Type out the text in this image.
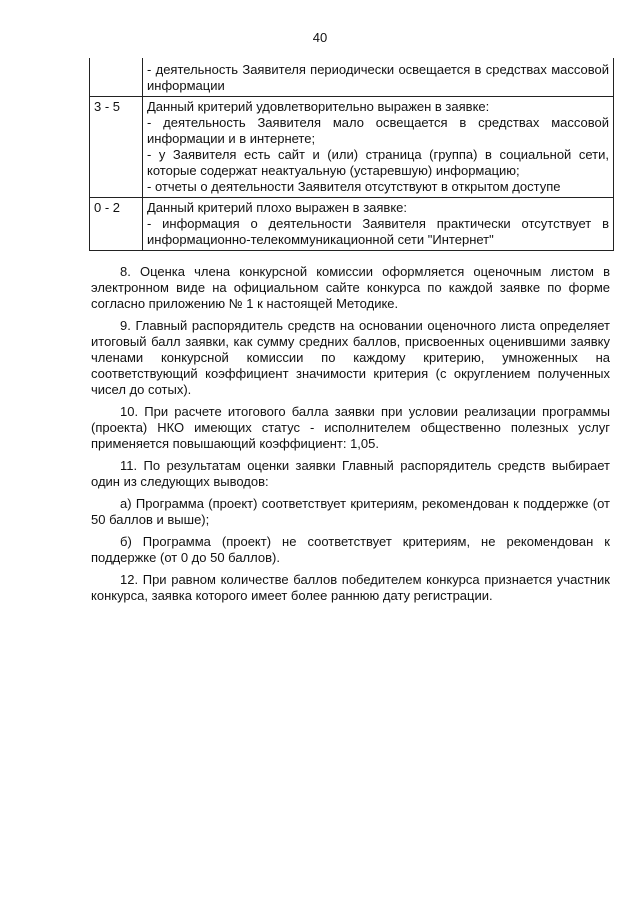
40

	- деятельность Заявителя периодически освещается в средствах массовой информации

3 - 5	Данный критерий удовлетворительно выражен в заявке:
- деятельность Заявителя мало освещается в средствах массовой информации и в интернете;
- у Заявителя есть сайт и (или) страница (группа) в социальной сети, которые содержат неактуальную (устаревшую) информацию;
- отчеты о деятельности Заявителя отсутствуют в открытом доступе

0 - 2	Данный критерий плохо выражен в заявке:
- информация о деятельности Заявителя практически отсутствует в информационно-телекоммуникационной сети "Интернет"

8. Оценка члена конкурсной комиссии оформляется оценочным листом в электронном виде на официальном сайте конкурса по каждой заявке по форме согласно приложению № 1 к настоящей Методике.

9. Главный распорядитель средств на основании оценочного листа определяет итоговый балл заявки, как сумму средних баллов, присвоенных оценившими заявку членами конкурсной комиссии по каждому критерию, умноженных на соответствующий коэффициент значимости критерия (с округлением полученных чисел до сотых).

10. При расчете итогового балла заявки при условии реализации программы (проекта) НКО имеющих статус - исполнителем общественно полезных услуг применяется повышающий коэффициент: 1,05.

11. По результатам оценки заявки Главный распорядитель средств выбирает один из следующих выводов:

а) Программа (проект) соответствует критериям, рекомендован к поддержке (от 50 баллов и выше);

б) Программа (проект) не соответствует критериям, не рекомендован к поддержке (от 0 до 50 баллов).

12. При равном количестве баллов победителем конкурса признается участник конкурса, заявка которого имеет более раннюю дату регистрации.
